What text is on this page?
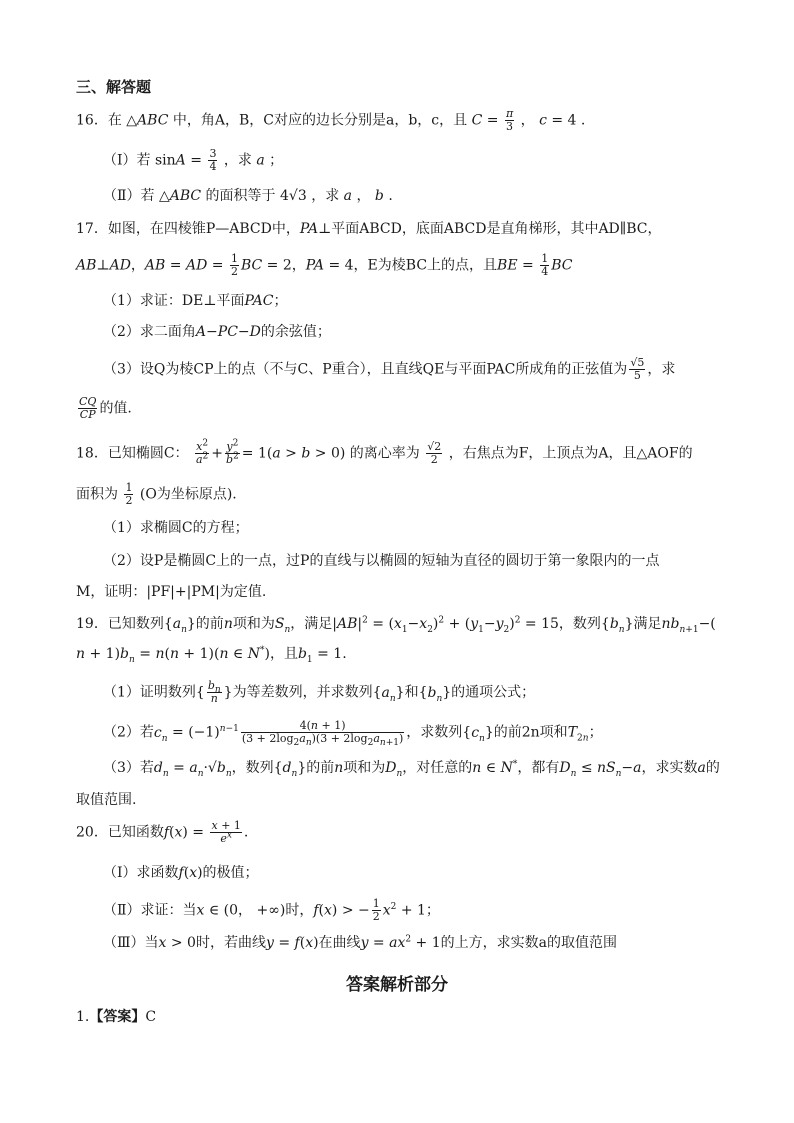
三、解答题
16．在 △ABC 中，角A，B，C对应的边长分别是a，b，c，且 $C = \frac{\pi}{3}$ ， c = 4 .
（Ⅰ）若 $\sin A = \frac{3}{4}$ ，求 a ；
（Ⅱ）若 △ABC 的面积等于 4√3 ，求 a ， b .
17．如图，在四棱锥P—ABCD中，PA⊥平面ABCD，底面ABCD是直角梯形，其中AD∥BC，
AB⊥AD，AB = AD = $\frac{1}{2}$ BC = 2，PA = 4，E为棱BC上的点，且BE = $\frac{1}{4}$ BC
（1）求证：DE⊥平面PAC；
（2）求二面角A−PC−D的余弦值；
（3）设Q为棱CP上的点（不与C、P重合），且直线QE与平面PAC所成角的正弦值为 $\frac{√5}{5}$ ，求
$\frac{CQ}{CP}$ 的值.
18．已知椭圆C： $\frac{x^2}{a^2} + \frac{y^2}{b^2} = 1(a > b > 0)$ 的离心率为 $\frac{√2}{2}$ ，右焦点为F，上顶点为A，且△AOF的
面积为 $\frac{1}{2} (O$为坐标原点).
（1）求椭圆C的方程；
（2）设P是椭圆C上的一点，过P的直线与以椭圆的短轴为直径的圆切于第一象限内的一点
M，证明：|PF|+|PM|为定值.
19．已知数列$\{a_n\}$的前n项和为$S_n$，满足$|AB|^2 = (x_1-x_2)^2 + (y_1-y_2)^2 = 15$，数列$\{b_n\}$满足$nb_{n+1}-$(
$n + 1)b_n = n(n + 1)(n$ ∈ N*)，且$b_1 = 1$.
（1）证明数列{ $\frac{b_n}{n}$ }为等差数列，并求数列$\{a_n\}$和$\{b_n\}$的通项公式；
（2）若$c_n = (-1)^{n-1} \frac{4(n + 1)}{(3 + 2\log_2a_n)(3 + 2\log_2a_{n+1})}$ ，求数列$\{c_n\}$的前2n项和$T_{2n}$；
（3）若$d_n = a_n\cdot√b_n$，数列$\{d_n\}$的前n项和为$D_n$，对任意的n ∈ N*，都有$D_n \le nS_n-a$，求实数a的
取值范围.
20．已知函数$f(x) = \frac{x + 1}{e^x}$ .
（Ⅰ）求函数f(x)的极值；
（Ⅱ）求证：当x ∈ (0， +∞)时，f(x) > − $\frac{1}{2} x^2 + 1$；
（Ⅲ）当x > 0时，若曲线y = f(x)在曲线$y = ax^2 + 1$的上方，求实数a的取值范围
答案解析部分
1.【答案】C
